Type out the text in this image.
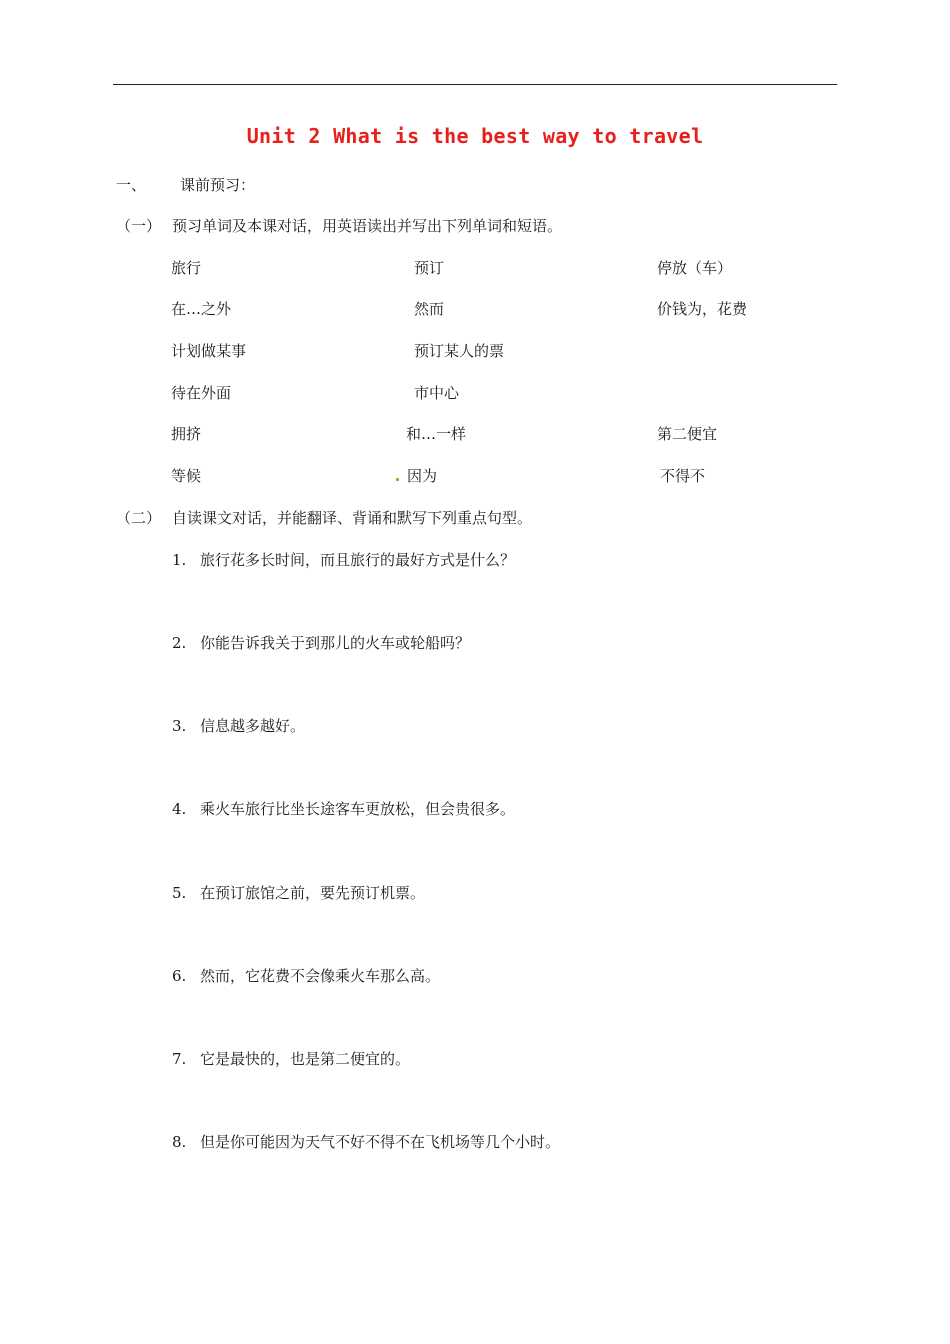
Unit 2 What is the best way to travel
一、 课前预习：
（一） 预习单词及本课对话，用英语读出并写出下列单词和短语。
旅行	预订	停放（车）
在…之外	然而	价钱为，花费
计划做某事	预订某人的票
待在外面	市中心
拥挤	和…一样	第二便宜
等候	因为	不得不
（二） 自读课文对话，并能翻译、背诵和默写下列重点句型。
1. 旅行花多长时间，而且旅行的最好方式是什么？
2. 你能告诉我关于到那儿的火车或轮船吗？
3. 信息越多越好。
4. 乘火车旅行比坐长途客车更放松，但会贵很多。
5. 在预订旅馆之前，要先预订机票。
6. 然而，它花费不会像乘火车那么高。
7. 它是最快的，也是第二便宜的。
8. 但是你可能因为天气不好不得不在飞机场等几个小时。
